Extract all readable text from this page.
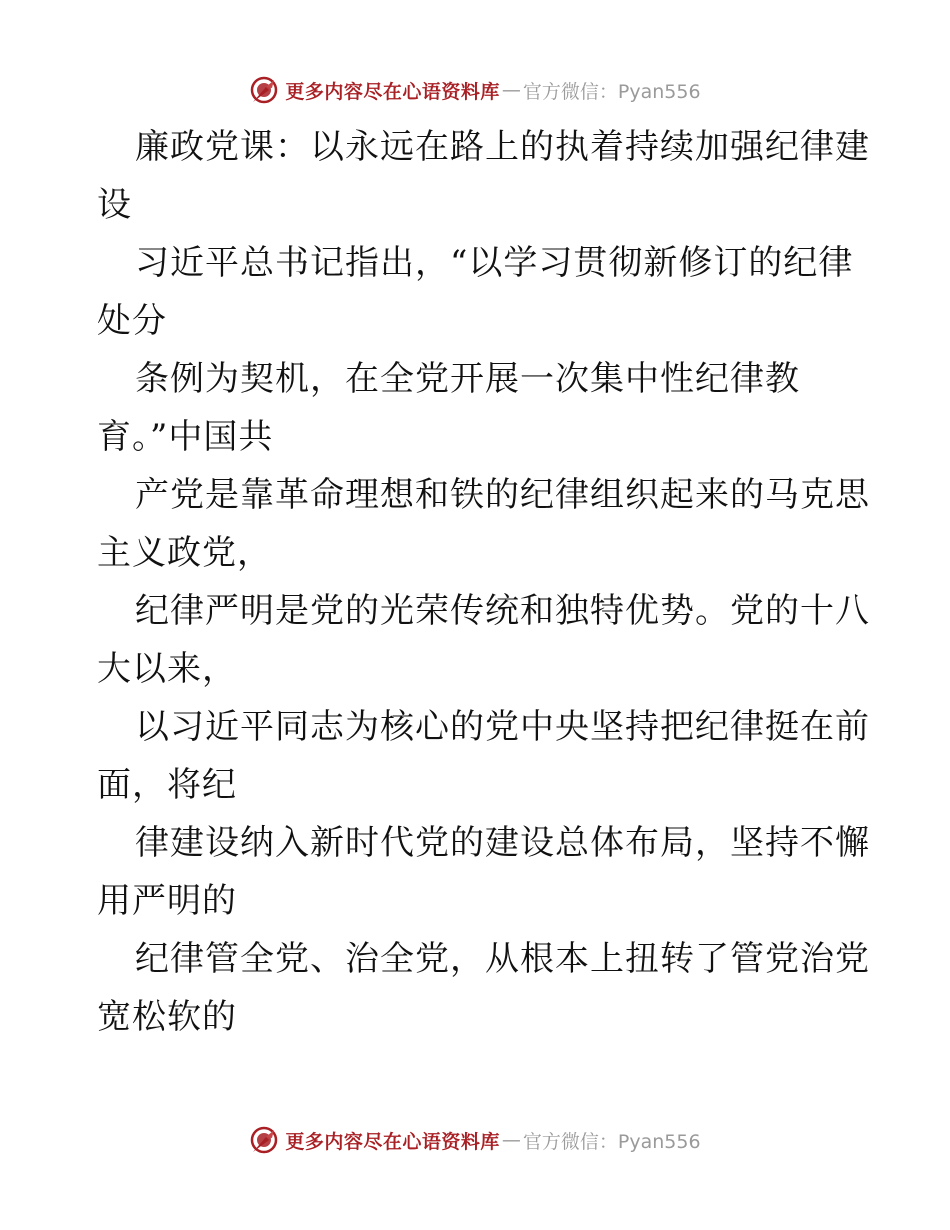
更多内容尽在心语资料库 — 官方微信：Pyan556
廉政党课：以永远在路上的执着持续加强纪律建
设
习近平总书记指出，“以学习贯彻新修订的纪律
处分
条例为契机，在全党开展一次集中性纪律教
育。”中国共
产党是靠革命理想和铁的纪律组织起来的马克思
主义政党，
纪律严明是党的光荣传统和独特优势。党的十八
大以来，
以习近平同志为核心的党中央坚持把纪律挺在前
面，将纪
律建设纳入新时代党的建设总体布局，坚持不懈
用严明的
纪律管全党、治全党，从根本上扭转了管党治党
宽松软的
更多内容尽在心语资料库 — 官方微信：Pyan556
